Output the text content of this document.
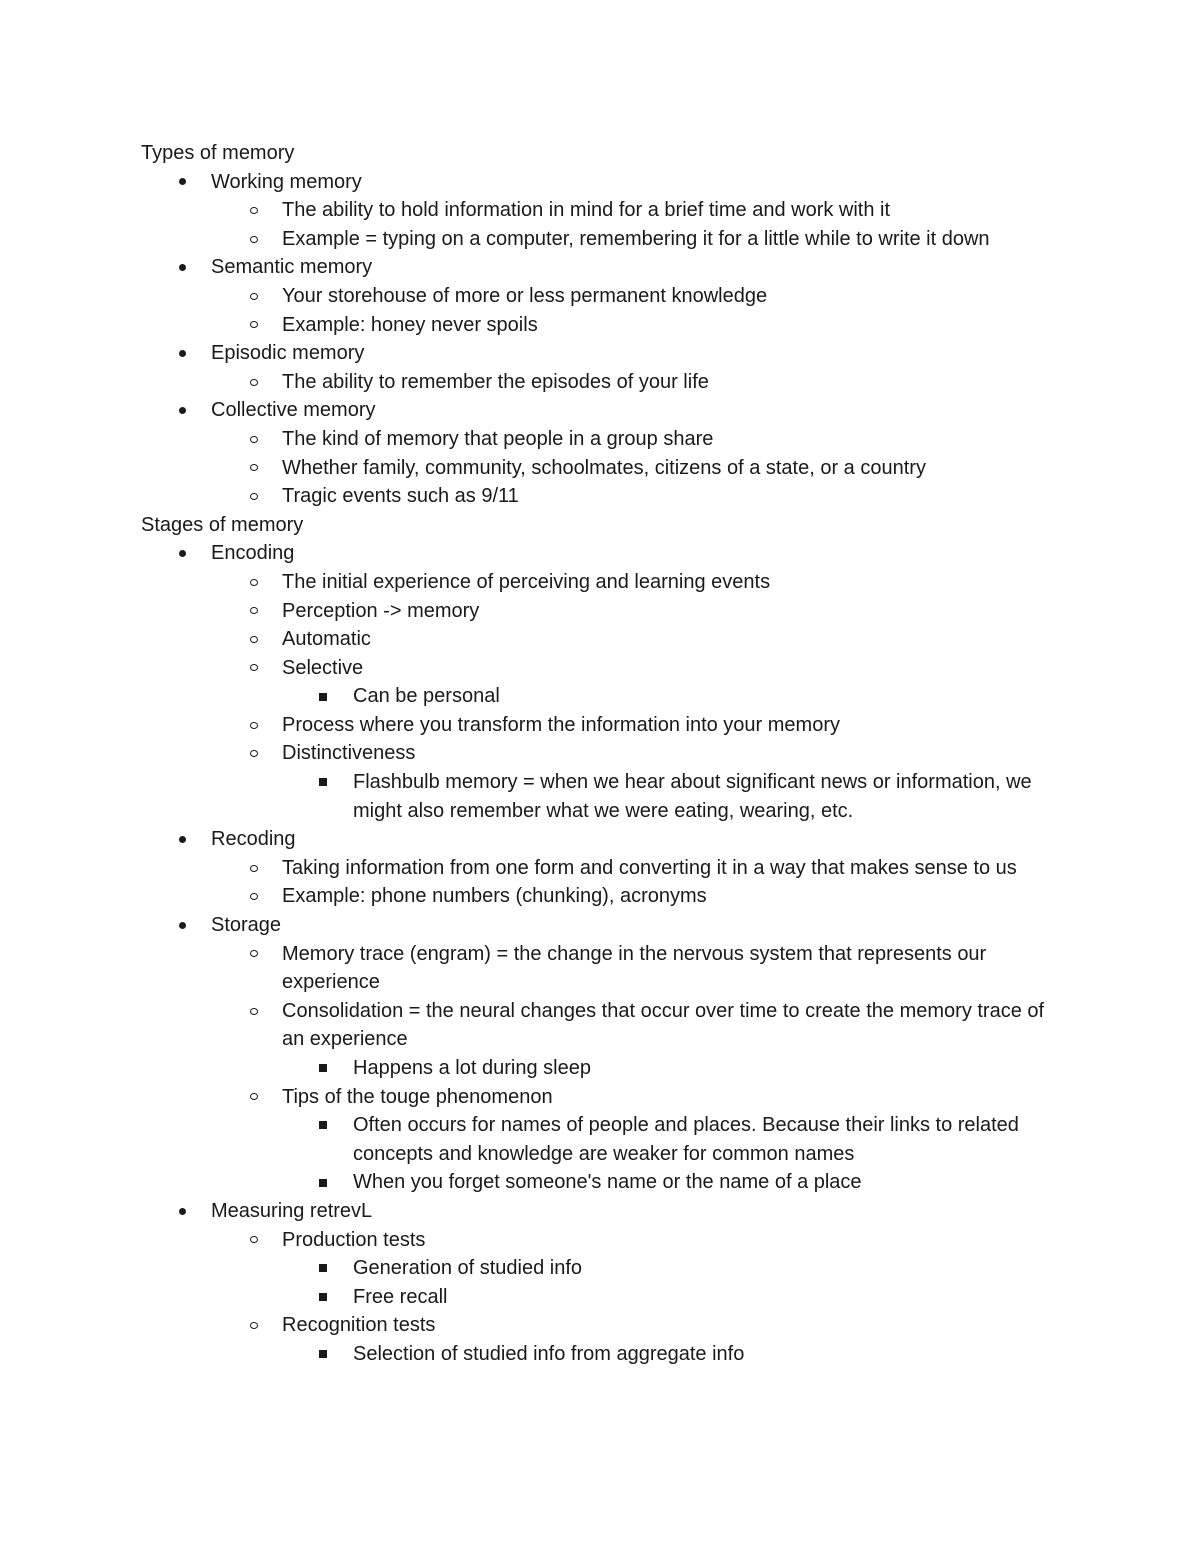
Types of memory
Working memory
The ability to hold information in mind for a brief time and work with it
Example = typing on a computer, remembering it for a little while to write it down
Semantic memory
Your storehouse of more or less permanent knowledge
Example: honey never spoils
Episodic memory
The ability to remember the episodes of your life
Collective memory
The kind of memory that people in a group share
Whether family, community, schoolmates, citizens of a state, or a country
Tragic events such as 9/11
Stages of memory
Encoding
The initial experience of perceiving and learning events
Perception -> memory
Automatic
Selective
Can be personal
Process where you transform the information into your memory
Distinctiveness
Flashbulb memory = when we hear about significant news or information, we might also remember what we were eating, wearing, etc.
Recoding
Taking information from one form and converting it in a way that makes sense to us
Example: phone numbers (chunking), acronyms
Storage
Memory trace (engram) = the change in the nervous system that represents our experience
Consolidation = the neural changes that occur over time to create the memory trace of an experience
Happens a lot during sleep
Tips of the touge phenomenon
Often occurs for names of people and places. Because their links to related concepts and knowledge are weaker for common names
When you forget someone's name or the name of a place
Measuring retrevL
Production tests
Generation of studied info
Free recall
Recognition tests
Selection of studied info from aggregate info
